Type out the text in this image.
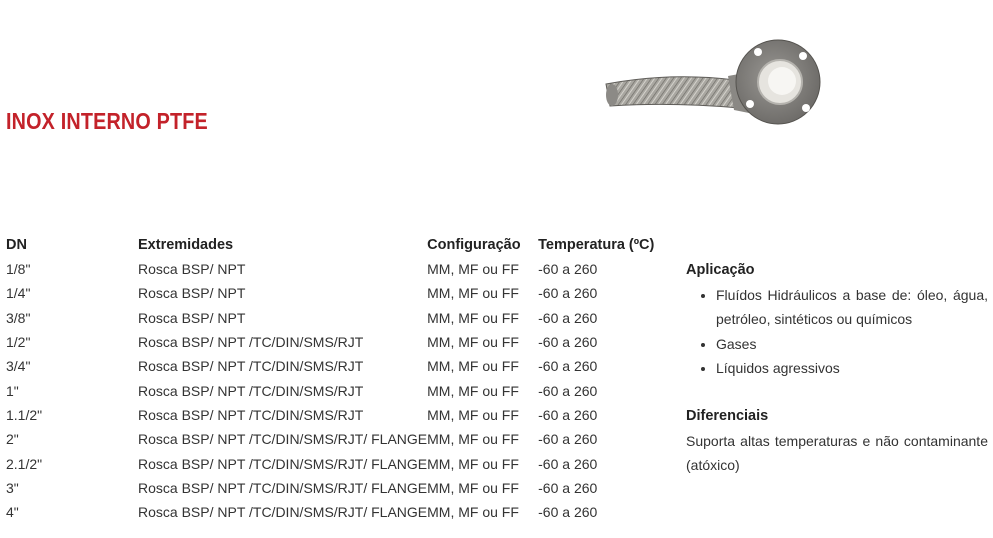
INOX INTERNO PTFE
DN	Extremidades	Configuração	Temperatura (ºC)
1/8"	Rosca BSP/ NPT	MM, MF ou FF	-60 a 260
1/4"	Rosca BSP/ NPT	MM, MF ou FF	-60 a 260
3/8"	Rosca BSP/ NPT	MM, MF ou FF	-60 a 260
1/2"	Rosca BSP/ NPT /TC/DIN/SMS/RJT	MM, MF ou FF	-60 a 260
3/4"	Rosca BSP/ NPT /TC/DIN/SMS/RJT	MM, MF ou FF	-60 a 260
1"	Rosca BSP/ NPT /TC/DIN/SMS/RJT	MM, MF ou FF	-60 a 260
1.1/2"	Rosca BSP/ NPT /TC/DIN/SMS/RJT	MM, MF ou FF	-60 a 260
2"	Rosca BSP/ NPT /TC/DIN/SMS/RJT/ FLANGE	MM, MF ou FF	-60 a 260
2.1/2"	Rosca BSP/ NPT /TC/DIN/SMS/RJT/ FLANGE	MM, MF ou FF	-60 a 260
3"	Rosca BSP/ NPT /TC/DIN/SMS/RJT/ FLANGE	MM, MF ou FF	-60 a 260
4"	Rosca BSP/ NPT /TC/DIN/SMS/RJT/ FLANGE	MM, MF ou FF	-60 a 260
Aplicação
• Fluídos Hidráulicos a base de: óleo, água, petróleo, sintéticos ou químicos
• Gases
• Líquidos agressivos
Diferenciais

Suporta altas temperaturas e não contaminante (atóxico)
